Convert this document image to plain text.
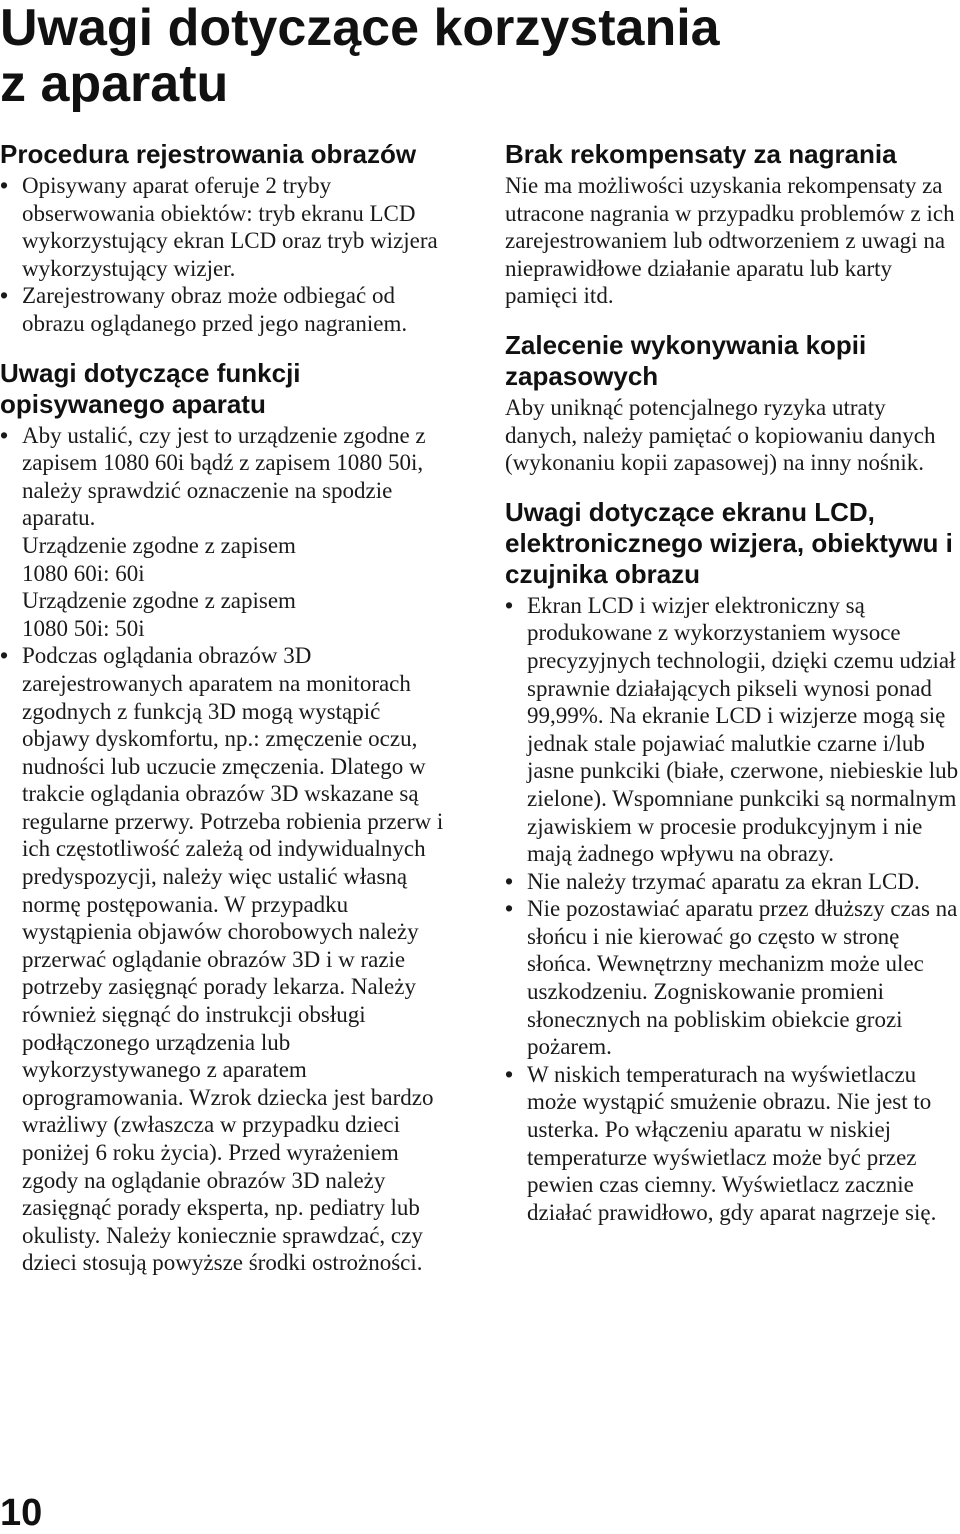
Uwagi dotyczące korzystania
z aparatu
Procedura rejestrowania obrazów
• Opisywany aparat oferuje 2 tryby obserwowania obiektów: tryb ekranu LCD wykorzystujący ekran LCD oraz tryb wizjera wykorzystujący wizjer.
• Zarejestrowany obraz może odbiegać od obrazu oglądanego przed jego nagraniem.
Uwagi dotyczące funkcji opisywanego aparatu
• Aby ustalić, czy jest to urządzenie zgodne z zapisem 1080 60i bądź z zapisem 1080 50i, należy sprawdzić oznaczenie na spodzie aparatu.
Urządzenie zgodne z zapisem
1080 60i: 60i
Urządzenie zgodne z zapisem
1080 50i: 50i
• Podczas oglądania obrazów 3D zarejestrowanych aparatem na monitorach zgodnych z funkcją 3D mogą wystąpić objawy dyskomfortu, np.: zmęczenie oczu, nudności lub uczucie zmęczenia. Dlatego w trakcie oglądania obrazów 3D wskazane są regularne przerwy. Potrzeba robienia przerw i ich częstotliwość zależą od indywidualnych predyspozycji, należy więc ustalić własną normę postępowania. W przypadku wystąpienia objawów chorobowych należy przerwać oglądanie obrazów 3D i w razie potrzeby zasięgnąć porady lekarza. Należy również sięgnąć do instrukcji obsługi podłączonego urządzenia lub wykorzystywanego z aparatem oprogramowania. Wzrok dziecka jest bardzo wrażliwy (zwłaszcza w przypadku dzieci poniżej 6 roku życia). Przed wyrażeniem zgody na oglądanie obrazów 3D należy zasięgnąć porady eksperta, np. pediatry lub okulisty. Należy koniecznie sprawdzać, czy dzieci stosują powyższe środki ostrożności.
Brak rekompensaty za nagrania

Nie ma możliwości uzyskania rekompensaty za utracone nagrania w przypadku problemów z ich zarejestrowaniem lub odtworzeniem z uwagi na nieprawidłowe działanie aparatu lub karty pamięci itd.

Zalecenie wykonywania kopii zapasowych

Aby uniknąć potencjalnego ryzyka utraty danych, należy pamiętać o kopiowaniu danych (wykonaniu kopii zapasowej) na inny nośnik.

Uwagi dotyczące ekranu LCD, elektronicznego wizjera, obiektywu i czujnika obrazu
• Ekran LCD i wizjer elektroniczny są produkowane z wykorzystaniem wysoce precyzyjnych technologii, dzięki czemu udział sprawnie działających pikseli wynosi ponad 99,99%. Na ekranie LCD i wizjerze mogą się jednak stale pojawiać malutkie czarne i/lub jasne punkciki (białe, czerwone, niebieskie lub zielone). Wspomniane punkciki są normalnym zjawiskiem w procesie produkcyjnym i nie mają żadnego wpływu na obrazy.
• Nie należy trzymać aparatu za ekran LCD.
• Nie pozostawiać aparatu przez dłuższy czas na słońcu i nie kierować go często w stronę słońca. Wewnętrzny mechanizm może ulec uszkodzeniu. Zogniskowanie promieni słonecznych na pobliskim obiekcie grozi pożarem.
• W niskich temperaturach na wyświetlaczu może wystąpić smużenie obrazu. Nie jest to usterka. Po włączeniu aparatu w niskiej temperaturze wyświetlacz może być przez pewien czas ciemny. Wyświetlacz zacznie działać prawidłowo, gdy aparat nagrzeje się.
10
